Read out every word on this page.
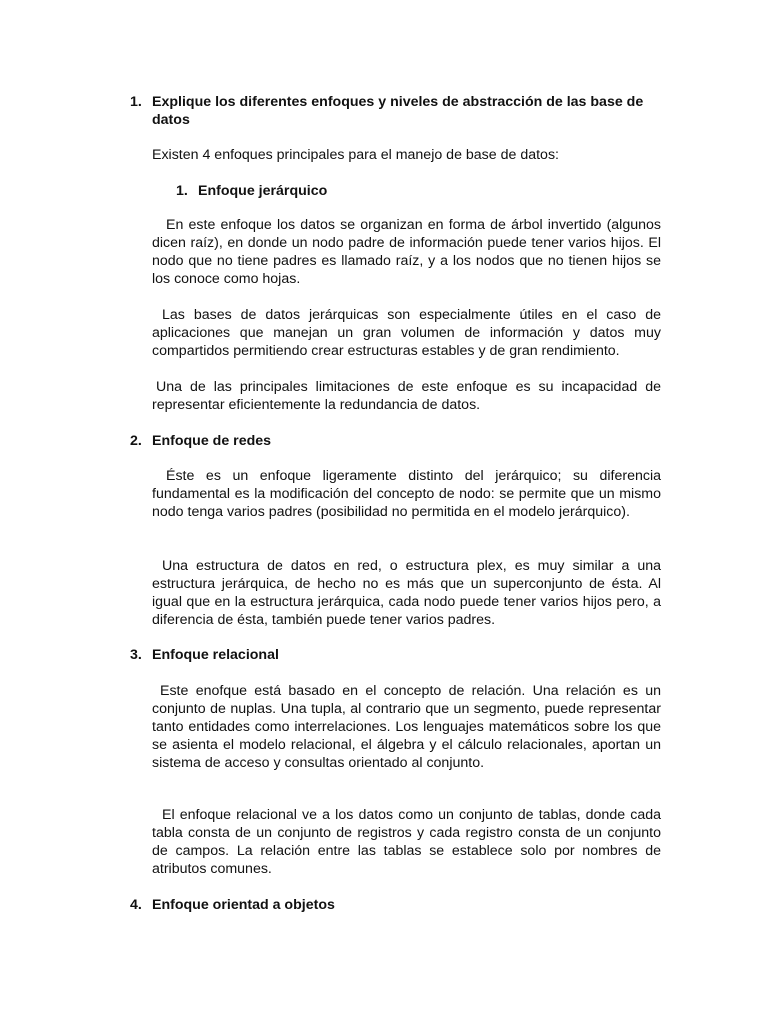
1. Explique los diferentes enfoques y niveles de abstracción de las base de datos

Existen 4 enfoques principales para el manejo de base de datos:

1. Enfoque jerárquico

En este enfoque los datos se organizan en forma de árbol invertido (algunos dicen raíz), en donde un nodo padre de información puede tener varios hijos. El nodo que no tiene padres es llamado raíz, y a los nodos que no tienen hijos se los conoce como hojas.

Las bases de datos jerárquicas son especialmente útiles en el caso de aplicaciones que manejan un gran volumen de información y datos muy compartidos permitiendo crear estructuras estables y de gran rendimiento.

Una de las principales limitaciones de este enfoque es su incapacidad de representar eficientemente la redundancia de datos.

2. Enfoque de redes

Éste es un enfoque ligeramente distinto del jerárquico; su diferencia fundamental es la modificación del concepto de nodo: se permite que un mismo nodo tenga varios padres (posibilidad no permitida en el modelo jerárquico).

Una estructura de datos en red, o estructura plex, es muy similar a una estructura jerárquica, de hecho no es más que un superconjunto de ésta. Al igual que en la estructura jerárquica, cada nodo puede tener varios hijos pero, a diferencia de ésta, también puede tener varios padres.

3. Enfoque relacional

Este enofque está basado en el concepto de relación. Una relación es un conjunto de nuplas. Una tupla, al contrario que un segmento, puede representar tanto entidades como interrelaciones. Los lenguajes matemáticos sobre los que se asienta el modelo relacional, el álgebra y el cálculo relacionales, aportan un sistema de acceso y consultas orientado al conjunto.

El enfoque relacional ve a los datos como un conjunto de tablas, donde cada tabla consta de un conjunto de registros y cada registro consta de un conjunto de campos. La relación entre las tablas se establece solo por nombres de atributos comunes.

4. Enfoque orientad a objetos
